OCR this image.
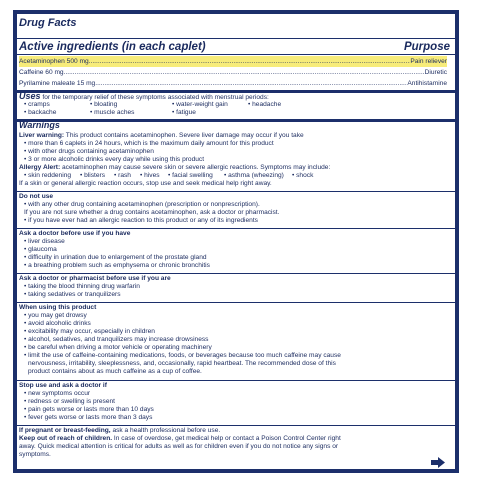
Drug Facts
Active ingredients (in each caplet)	Purpose
Acetaminophen 500 mg .....	Pain reliever
Caffeine 60 mg .....	Diuretic
Pyrilamine maleate 15 mg .....	Antihistamine
Uses for the temporary relief of these symptoms associated with menstrual periods:
• cramps	• bloating	• water-weight gain	• headache
• backache	• muscle aches	• fatigue
Warnings
Liver warning: This product contains acetaminophen. Severe liver damage may occur if you take
• more than 6 caplets in 24 hours, which is the maximum daily amount for this product
• with other drugs containing acetaminophen
• 3 or more alcoholic drinks every day while using this product
Allergy Alert: acetaminophen may cause severe skin or severe allergic reactions. Symptoms may include:
• skin reddening • blisters • rash • hives • facial swelling • asthma (wheezing) • shock
If a skin or general allergic reaction occurs, stop use and seek medical help right away.
Do not use
• with any other drug containing acetaminophen (prescription or nonprescription).
If you are not sure whether a drug contains acetaminophen, ask a doctor or pharmacist.
• if you have ever had an allergic reaction to this product or any of its ingredients
Ask a doctor before use if you have
• liver disease
• glaucoma
• difficulty in urination due to enlargement of the prostate gland
• a breathing problem such as emphysema or chronic bronchitis
Ask a doctor or pharmacist before use if you are
• taking the blood thinning drug warfarin
• taking sedatives or tranquilizers
When using this product
• you may get drowsy
• avoid alcoholic drinks
• excitability may occur, especially in children
• alcohol, sedatives, and tranquilizers may increase drowsiness
• be careful when driving a motor vehicle or operating machinery
• limit the use of caffeine-containing medications, foods, or beverages because too much caffeine may cause
nervousness, irritability, sleeplessness, and, occasionally, rapid heartbeat. The recommended dose of this
product contains about as much caffeine as a cup of coffee.
Stop use and ask a doctor if
• new symptoms occur
• redness or swelling is present
• pain gets worse or lasts more than 10 days
• fever gets worse or lasts more than 3 days
If pregnant or breast-feeding, ask a health professional before use.
Keep out of reach of children. In case of overdose, get medical help or contact a Poison Control Center right
away. Quick medical attention is critical for adults as well as for children even if you do not notice any signs or
symptoms.
